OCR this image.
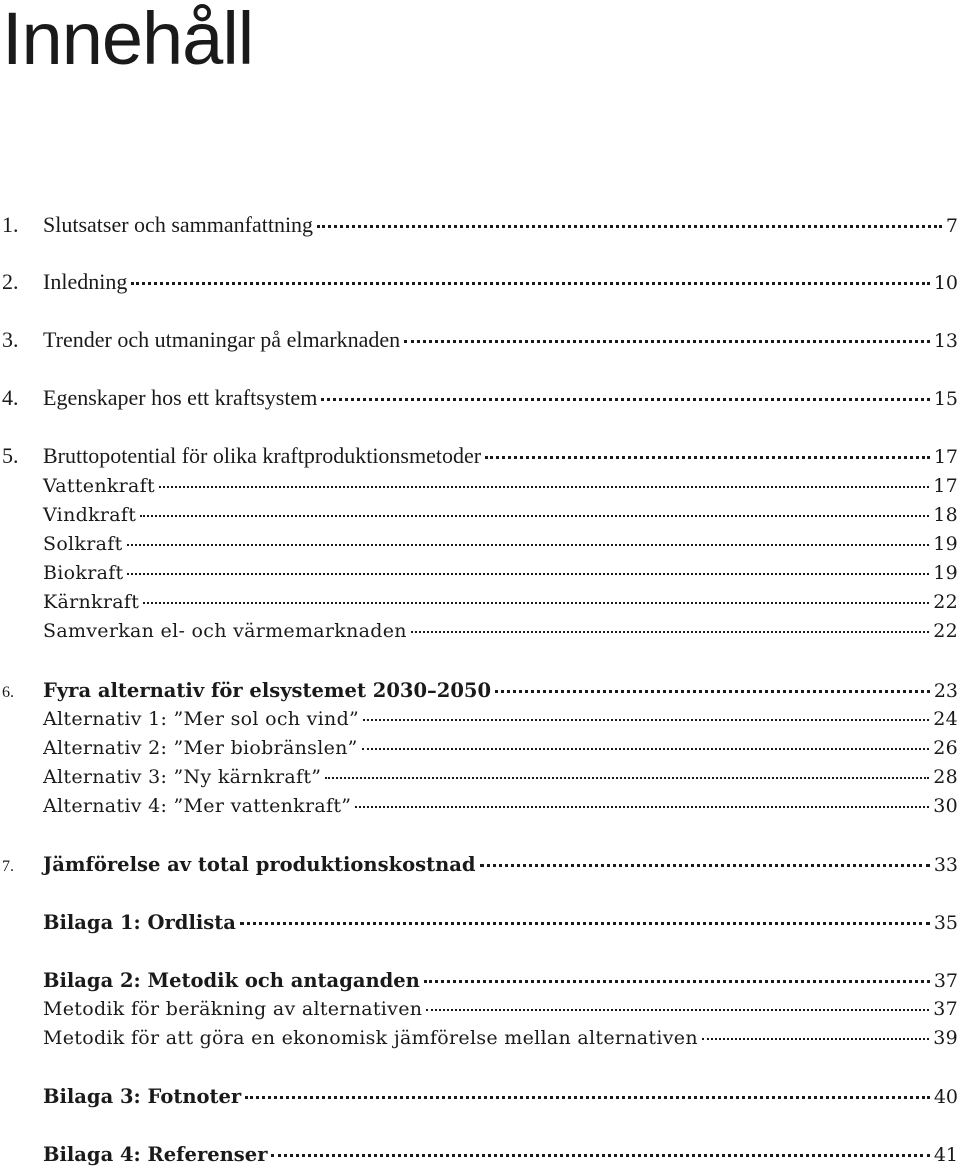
Innehåll
1.	Slutsatser och sammanfattning	7
2.	Inledning	10
3.	Trender och utmaningar på elmarknaden	13
4.	Egenskaper hos ett kraftsystem	15
5.	Bruttopotential för olika kraftproduktionsmetoder	17
Vattenkraft	17
Vindkraft	18
Solkraft	19
Biokraft	19
Kärnkraft	22
Samverkan el- och värmemarknaden	22
6.	Fyra alternativ för elsystemet 2030–2050	23
Alternativ 1: ”Mer sol och vind”	24
Alternativ 2: ”Mer biobränslen”	26
Alternativ 3: ”Ny kärnkraft”	28
Alternativ 4: ”Mer vattenkraft”	30
7.	Jämförelse av total produktionskostnad	33
Bilaga 1: Ordlista	35
Bilaga 2: Metodik och antaganden	37
Metodik för beräkning av alternativen	37
Metodik för att göra en ekonomisk jämförelse mellan alternativen	39
Bilaga 3: Fotnoter	40
Bilaga 4: Referenser	41
